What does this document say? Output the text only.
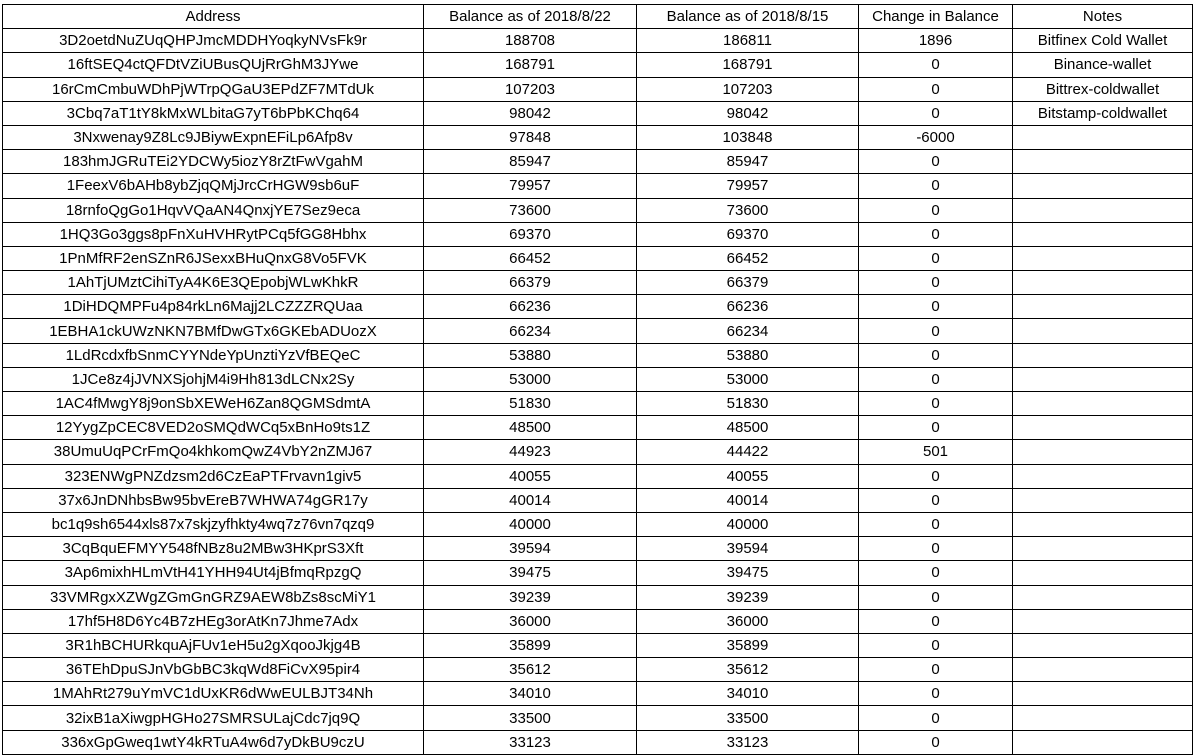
Address	Balance as of 2018/8/22	Balance as of 2018/8/15	Change in Balance	Notes
3D2oetdNuZUqQHPJmcMDDHYoqkyNVsFk9r	188708	186811	1896	Bitfinex Cold Wallet
16ftSEQ4ctQFDtVZiUBusQUjRrGhM3JYwe	168791	168791	0	Binance-wallet
16rCmCmbuWDhPjWTrpQGaU3EPdZF7MTdUk	107203	107203	0	Bittrex-coldwallet
3Cbq7aT1tY8kMxWLbitaG7yT6bPbKChq64	98042	98042	0	Bitstamp-coldwallet
3Nxwenay9Z8Lc9JBiywExpnEFiLp6Afp8v	97848	103848	-6000	
183hmJGRuTEi2YDCWy5iozY8rZtFwVgahM	85947	85947	0	
1FeexV6bAHb8ybZjqQMjJrcCrHGW9sb6uF	79957	79957	0	
18rnfoQgGo1HqvVQaAN4QnxjYE7Sez9eca	73600	73600	0	
1HQ3Go3ggs8pFnXuHVHRytPCq5fGG8Hbhx	69370	69370	0	
1PnMfRF2enSZnR6JSexxBHuQnxG8Vo5FVK	66452	66452	0	
1AhTjUMztCihiTyA4K6E3QEpobjWLwKhkR	66379	66379	0	
1DiHDQMPFu4p84rkLn6Majj2LCZZZRQUaa	66236	66236	0	
1EBHA1ckUWzNKN7BMfDwGTx6GKEbADUozX	66234	66234	0	
1LdRcdxfbSnmCYYNdeYpUnztiYzVfBEQeC	53880	53880	0	
1JCe8z4jJVNXSjohjM4i9Hh813dLCNx2Sy	53000	53000	0	
1AC4fMwgY8j9onSbXEWeH6Zan8QGMSdmtA	51830	51830	0	
12YygZpCEC8VED2oSMQdWCq5xBnHo9ts1Z	48500	48500	0	
38UmuUqPCrFmQo4khkomQwZ4VbY2nZMJ67	44923	44422	501	
323ENWgPNZdzsm2d6CzEaPTFrvavn1giv5	40055	40055	0	
37x6JnDNhbsBw95bvEreB7WHWA74gGR17y	40014	40014	0	
bc1q9sh6544xls87x7skjzyfhkty4wq7z76vn7qzq9	40000	40000	0	
3CqBquEFMYY548fNBz8u2MBw3HKprS3Xft	39594	39594	0	
3Ap6mixhHLmVtH41YHH94Ut4jBfmqRpzgQ	39475	39475	0	
33VMRgxXZWgZGmGnGRZ9AEW8bZs8scMiY1	39239	39239	0	
17hf5H8D6Yc4B7zHEg3orAtKn7Jhme7Adx	36000	36000	0	
3R1hBCHURkquAjFUv1eH5u2gXqooJkjg4B	35899	35899	0	
36TEhDpuSJnVbGbBC3kqWd8FiCvX95pir4	35612	35612	0	
1MAhRt279uYmVC1dUxKR6dWwEULBJT34Nh	34010	34010	0	
32ixB1aXiwgpHGHo27SMRSULajCdc7jq9Q	33500	33500	0	
336xGpGweq1wtY4kRTuA4w6d7yDkBU9czU	33123	33123	0	
